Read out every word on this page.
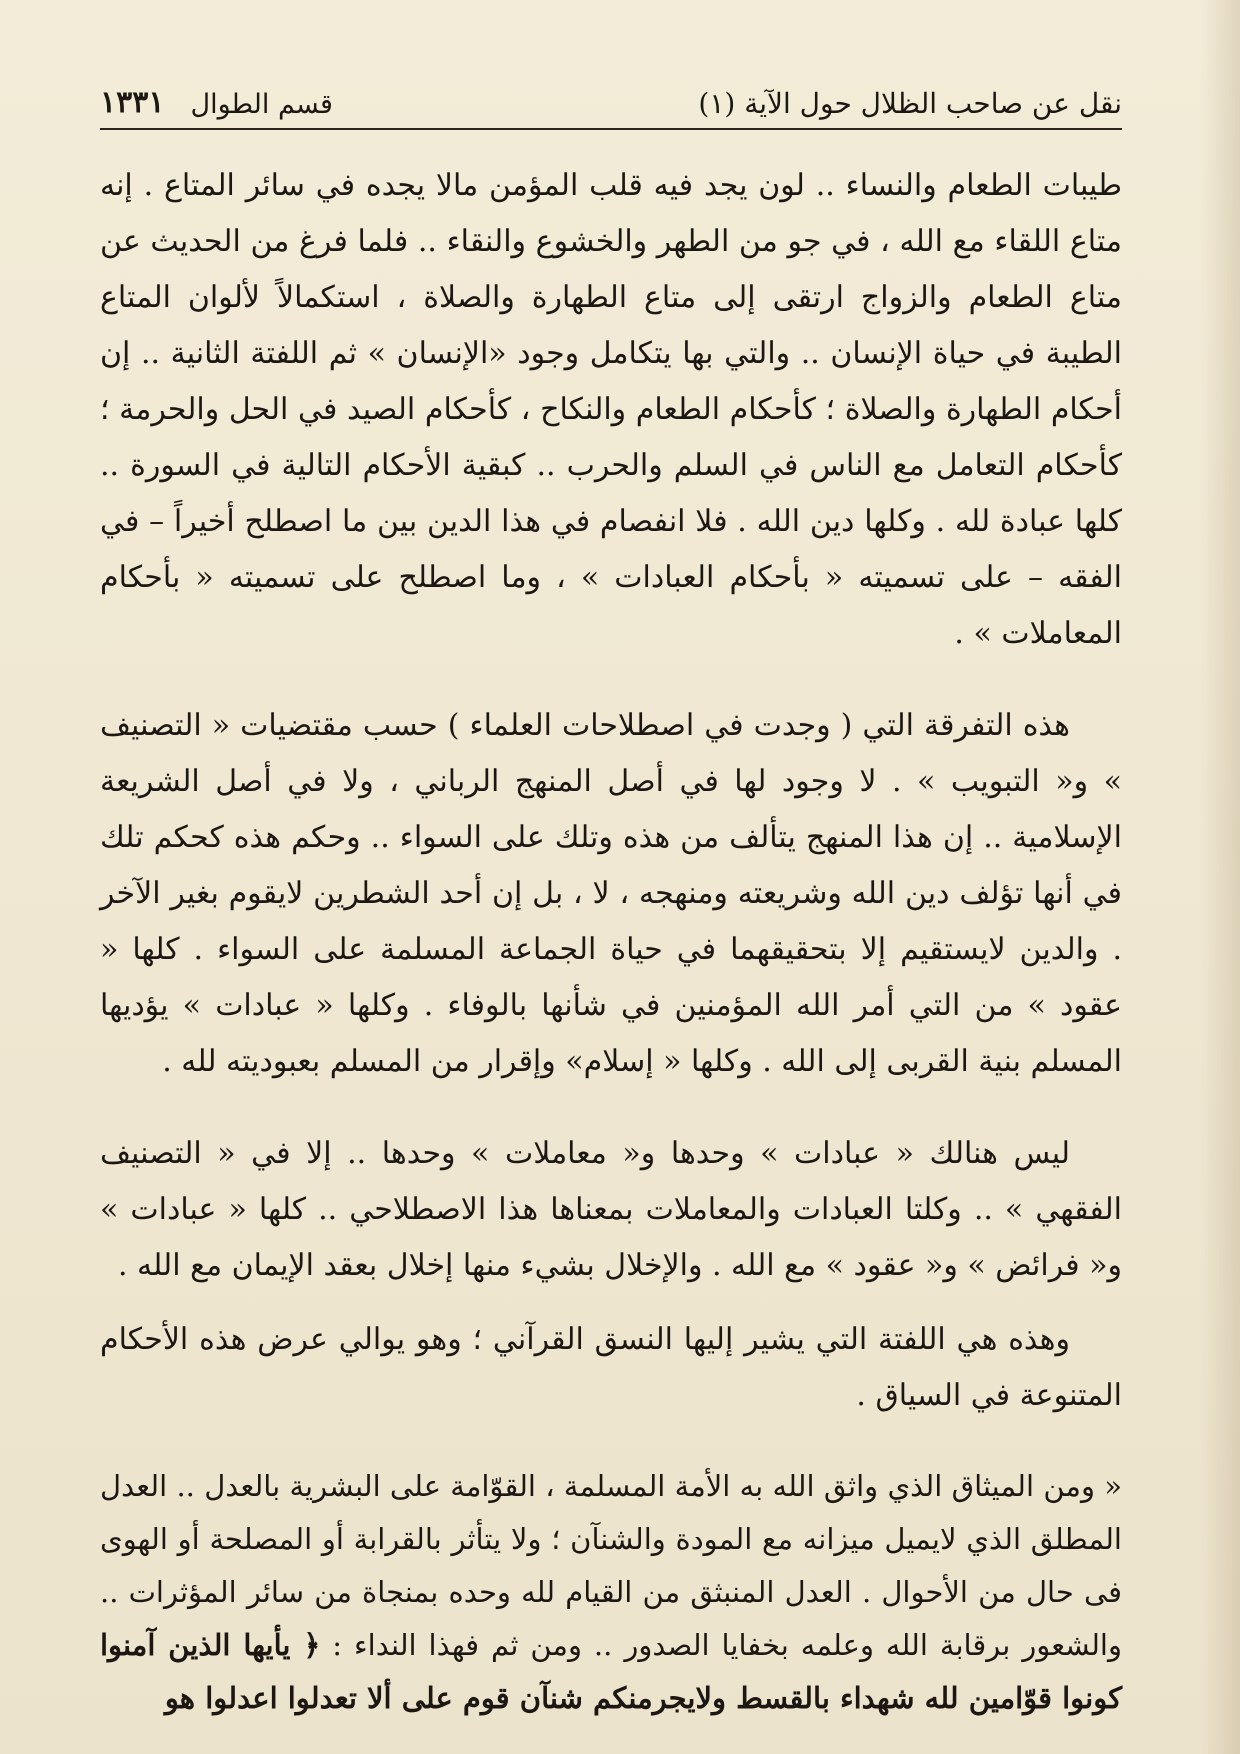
نقل عن صاحب الظلال حول الآية (١)
قسم الطوال
١٣٣١

طيبات الطعام والنساء .. لون يجد فيه قلب المؤمن مالا يجده في سائر المتاع . إنه متاع اللقاء مع الله ، في جو من الطهر والخشوع والنقاء .. فلما فرغ من الحديث عن متاع الطعام والزواج ارتقى إلى متاع الطهارة والصلاة ، استكمالاً لألوان المتاع الطيبة في حياة الإنسان .. والتي بها يتكامل وجود «الإنسان » ثم اللفتة الثانية .. إن أحكام الطهارة والصلاة ؛ كأحكام الطعام والنكاح ، كأحكام الصيد في الحل والحرمة ؛ كأحكام التعامل مع الناس في السلم والحرب .. كبقية الأحكام التالية في السورة .. كلها عبادة لله . وكلها دين الله . فلا انفصام في هذا الدين بين ما اصطلح أخيراً – في الفقه – على تسميته « بأحكام العبادات » ، وما اصطلح على تسميته « بأحكام المعاملات » .

هذه التفرقة التي ( وجدت في اصطلاحات العلماء ) حسب مقتضيات « التصنيف » و« التبويب » . لا وجود لها في أصل المنهج الرباني ، ولا في أصل الشريعة الإسلامية .. إن هذا المنهج يتألف من هذه وتلك على السواء .. وحكم هذه كحكم تلك في أنها تؤلف دين الله وشريعته ومنهجه ، لا ، بل إن أحد الشطرين لايقوم بغير الآخر . والدين لايستقيم إلا بتحقيقهما في حياة الجماعة المسلمة على السواء . كلها « عقود » من التي أمر الله المؤمنين في شأنها بالوفاء . وكلها « عبادات » يؤديها المسلم بنية القربى إلى الله . وكلها « إسلام» وإقرار من المسلم بعبوديته لله .

ليس هنالك « عبادات » وحدها و« معاملات » وحدها .. إلا في « التصنيف الفقهي » .. وكلتا العبادات والمعاملات بمعناها هذا الاصطلاحي .. كلها « عبادات » و« فرائض » و« عقود » مع الله . والإخلال بشيء منها إخلال بعقد الإيمان مع الله .

وهذه هي اللفتة التي يشير إليها النسق القرآني ؛ وهو يوالي عرض هذه الأحكام المتنوعة في السياق .

« ومن الميثاق الذي واثق الله به الأمة المسلمة ، القوّامة على البشرية بالعدل .. العدل المطلق الذي لايميل ميزانه مع المودة والشنآن ؛ ولا يتأثر بالقرابة أو المصلحة أو الهوى فى حال من الأحوال . العدل المنبثق من القيام لله وحده بمنجاة من سائر المؤثرات .. والشعور برقابة الله وعلمه بخفايا الصدور .. ومن ثم فهذا النداء : ﴿ يأيها الذين آمنوا كونوا قوّامين لله شهداء بالقسط ولايجرمنكم شنآن قوم على ألا تعدلوا اعدلوا هو
